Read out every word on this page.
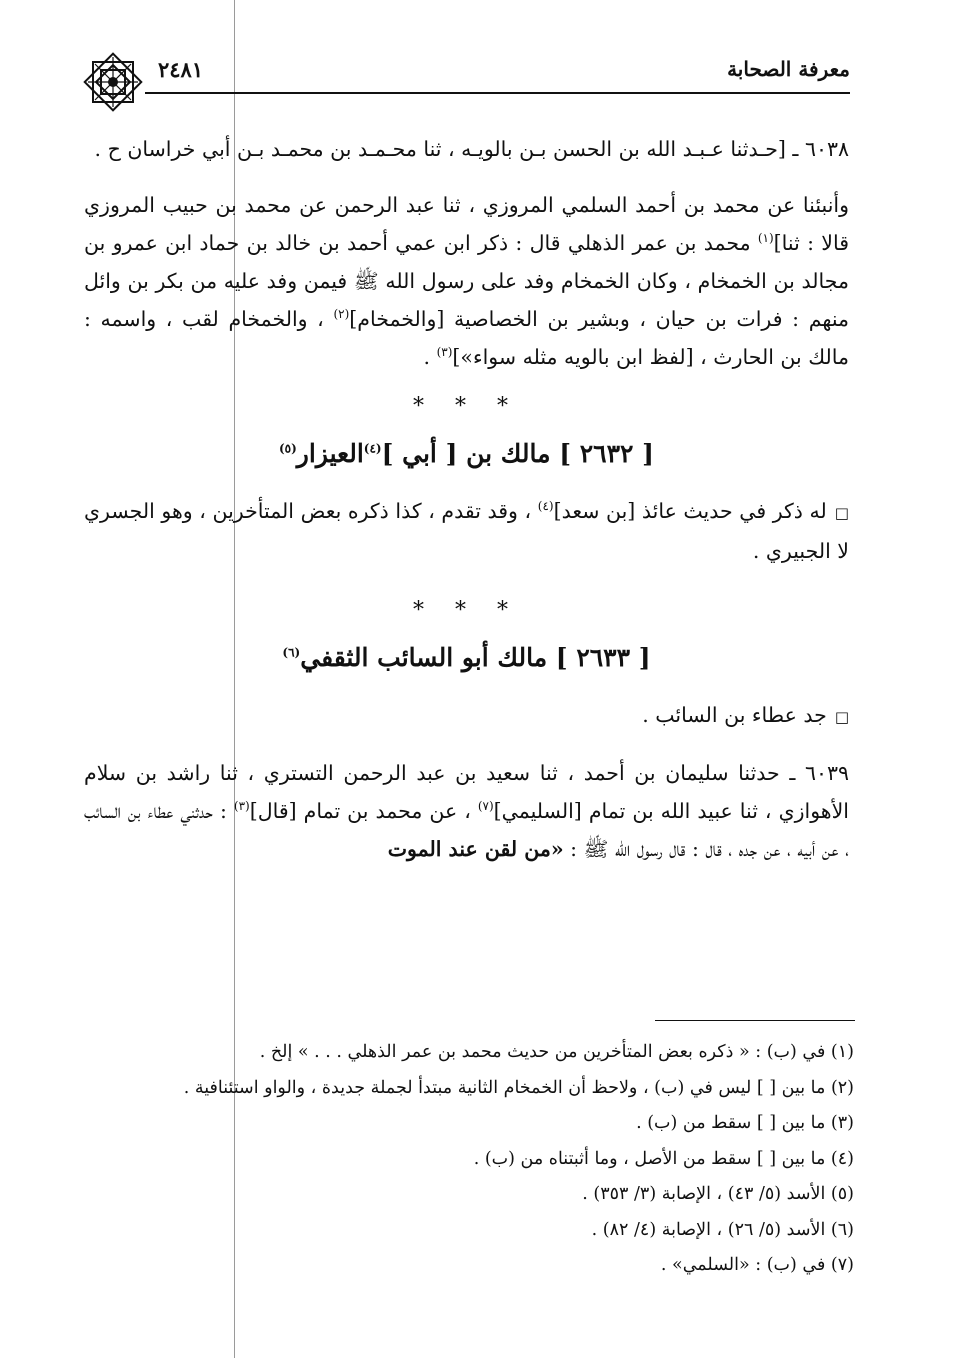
٢٤٨١	معرفة الصحابة

٦٠٣٨ ـ [حـدثنا عـبـد الله بن الحسن بـن بالويـه ، ثنا محـمـد بن محمـد بـن أبي خراسان ح .

وأنبئنا عن محمد بن أحمد السلمي المروزي ، ثنا عبد الرحمن عن محمد بن حبيب المروزي قالا : ثنا]$^{(١)}$ محمد بن عمر الذهلي قال : ذكر ابن عمي أحمد بن خالد بن حماد ابن عمرو بن مجالد بن الخمخام ، وكان الخمخام وفد على رسول الله ﷺ فيمن وفد عليه من بكر بن وائل منهم : فرات بن حيان ، وبشير بن الخصاصية [والخمخام]$^{(٢)}$ ، والخمخام لقب ، واسمه : مالك بن الحارث ، [لفظ ابن بالويه مثله سواء»]$^{(٣)}$ .

* * *
[ ٢٦٣٢ ] مالك بن [ أبي ]$^{(٤)}$العيزار$^{(٥)}$

□له ذكر في حديث عائذ [بن سعد]$^{(٤)}$ ، وقد تقدم ، كذا ذكره بعض المتأخرين ، وهو الجسري لا الجبيري .

* * *
[ ٢٦٣٣ ] مالك أبو السائب الثقفي$^{(٦)}$

□جد عطاء بن السائب .

٦٠٣٩ ـ حدثنا سليمان بن أحمد ، ثنا سعيد بن عبد الرحمن التستري ، ثنا راشد بن سلام الأهوازي ، ثنا عبيد الله بن تمام [السليمي]$^{(٧)}$ ، عن محمد بن تمام [قال]$^{(٣)}$ : حدثني عطاء بن السائب ، عن أبيه ، عن جده ، قال : قال رسول الله ﷺ : «من لقن عند الموت

(١) في (ب) : « ذكره بعض المتأخرين من حديث محمد بن عمر الذهلي . . . » إلخ .

(٢) ما بين [ ] ليس في (ب) ، ولاحظ أن الخمخام الثانية مبتدأ لجملة جديدة ، والواو استئنافية .

(٣) ما بين [ ] سقط من (ب) .

(٤) ما بين [ ] سقط من الأصل ، وما أثبتناه من (ب) .

(٥) الأسد (٥/ ٤٣) ، الإصابة (٣/ ٣٥٣) .

(٦) الأسد (٥/ ٢٦) ، الإصابة (٤/ ٨٢) .

(٧) في (ب) : «السلمي» .
